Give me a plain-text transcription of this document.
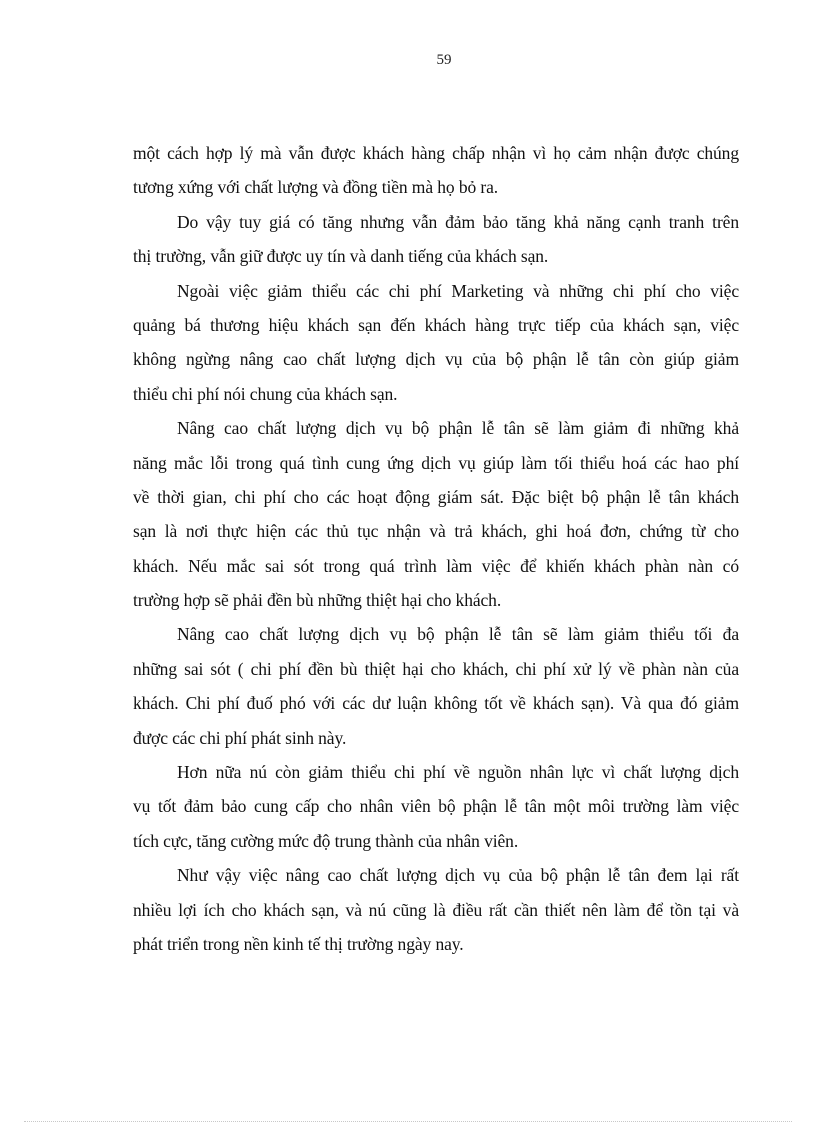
59
một cách hợp lý mà vẫn được khách hàng chấp nhận vì họ cảm nhận được chúng
tương xứng với chất lượng và đồng tiền mà họ bỏ ra.
Do vậy tuy giá có tăng nhưng vẫn đảm bảo tăng khả năng cạnh tranh trên
thị trường, vẫn giữ được uy tín và danh tiếng của khách sạn.
Ngoài việc giảm thiểu các chi phí Marketing và những chi phí cho việc
quảng bá thương hiệu khách sạn đến khách hàng trực tiếp của khách sạn, việc
không ngừng nâng cao chất lượng dịch vụ của bộ phận lễ tân còn giúp giảm
thiểu chi phí nói chung của khách sạn.
Nâng cao chất lượng dịch vụ bộ phận lễ tân sẽ làm giảm đi những khả
năng mắc lỗi trong quá tình cung ứng dịch vụ giúp làm tối thiểu hoá các hao phí
về thời gian, chi phí cho các hoạt động giám sát. Đặc biệt bộ phận lễ tân khách
sạn là nơi thực hiện các thủ tục nhận và trả khách, ghi hoá đơn, chứng từ cho
khách. Nếu mắc sai sót trong quá trình làm việc để khiến khách phàn nàn có
trường hợp sẽ phải đền bù những thiệt hại cho khách.
Nâng cao chất lượng dịch vụ bộ phận lễ tân sẽ làm giảm thiểu tối đa
những sai sót ( chi phí đền bù thiệt hại cho khách, chi phí xử lý về phàn nàn của
khách. Chi phí đuố phó với các dư luận không tốt về khách sạn). Và qua đó giảm
được các chi phí phát sinh này.
Hơn nữa nú còn giảm thiểu chi phí về nguồn nhân lực vì chất lượng dịch
vụ tốt đảm bảo cung cấp cho nhân viên bộ phận lễ tân một môi trường làm việc
tích cực, tăng cường mức độ trung thành của nhân viên.
Như vậy việc nâng cao chất lượng dịch vụ của bộ phận lễ tân đem lại rất
nhiều lợi ích cho khách sạn, và nú cũng là điều rất cần thiết nên làm để tồn tại và
phát triển trong nền kinh tế thị trường ngày nay.
